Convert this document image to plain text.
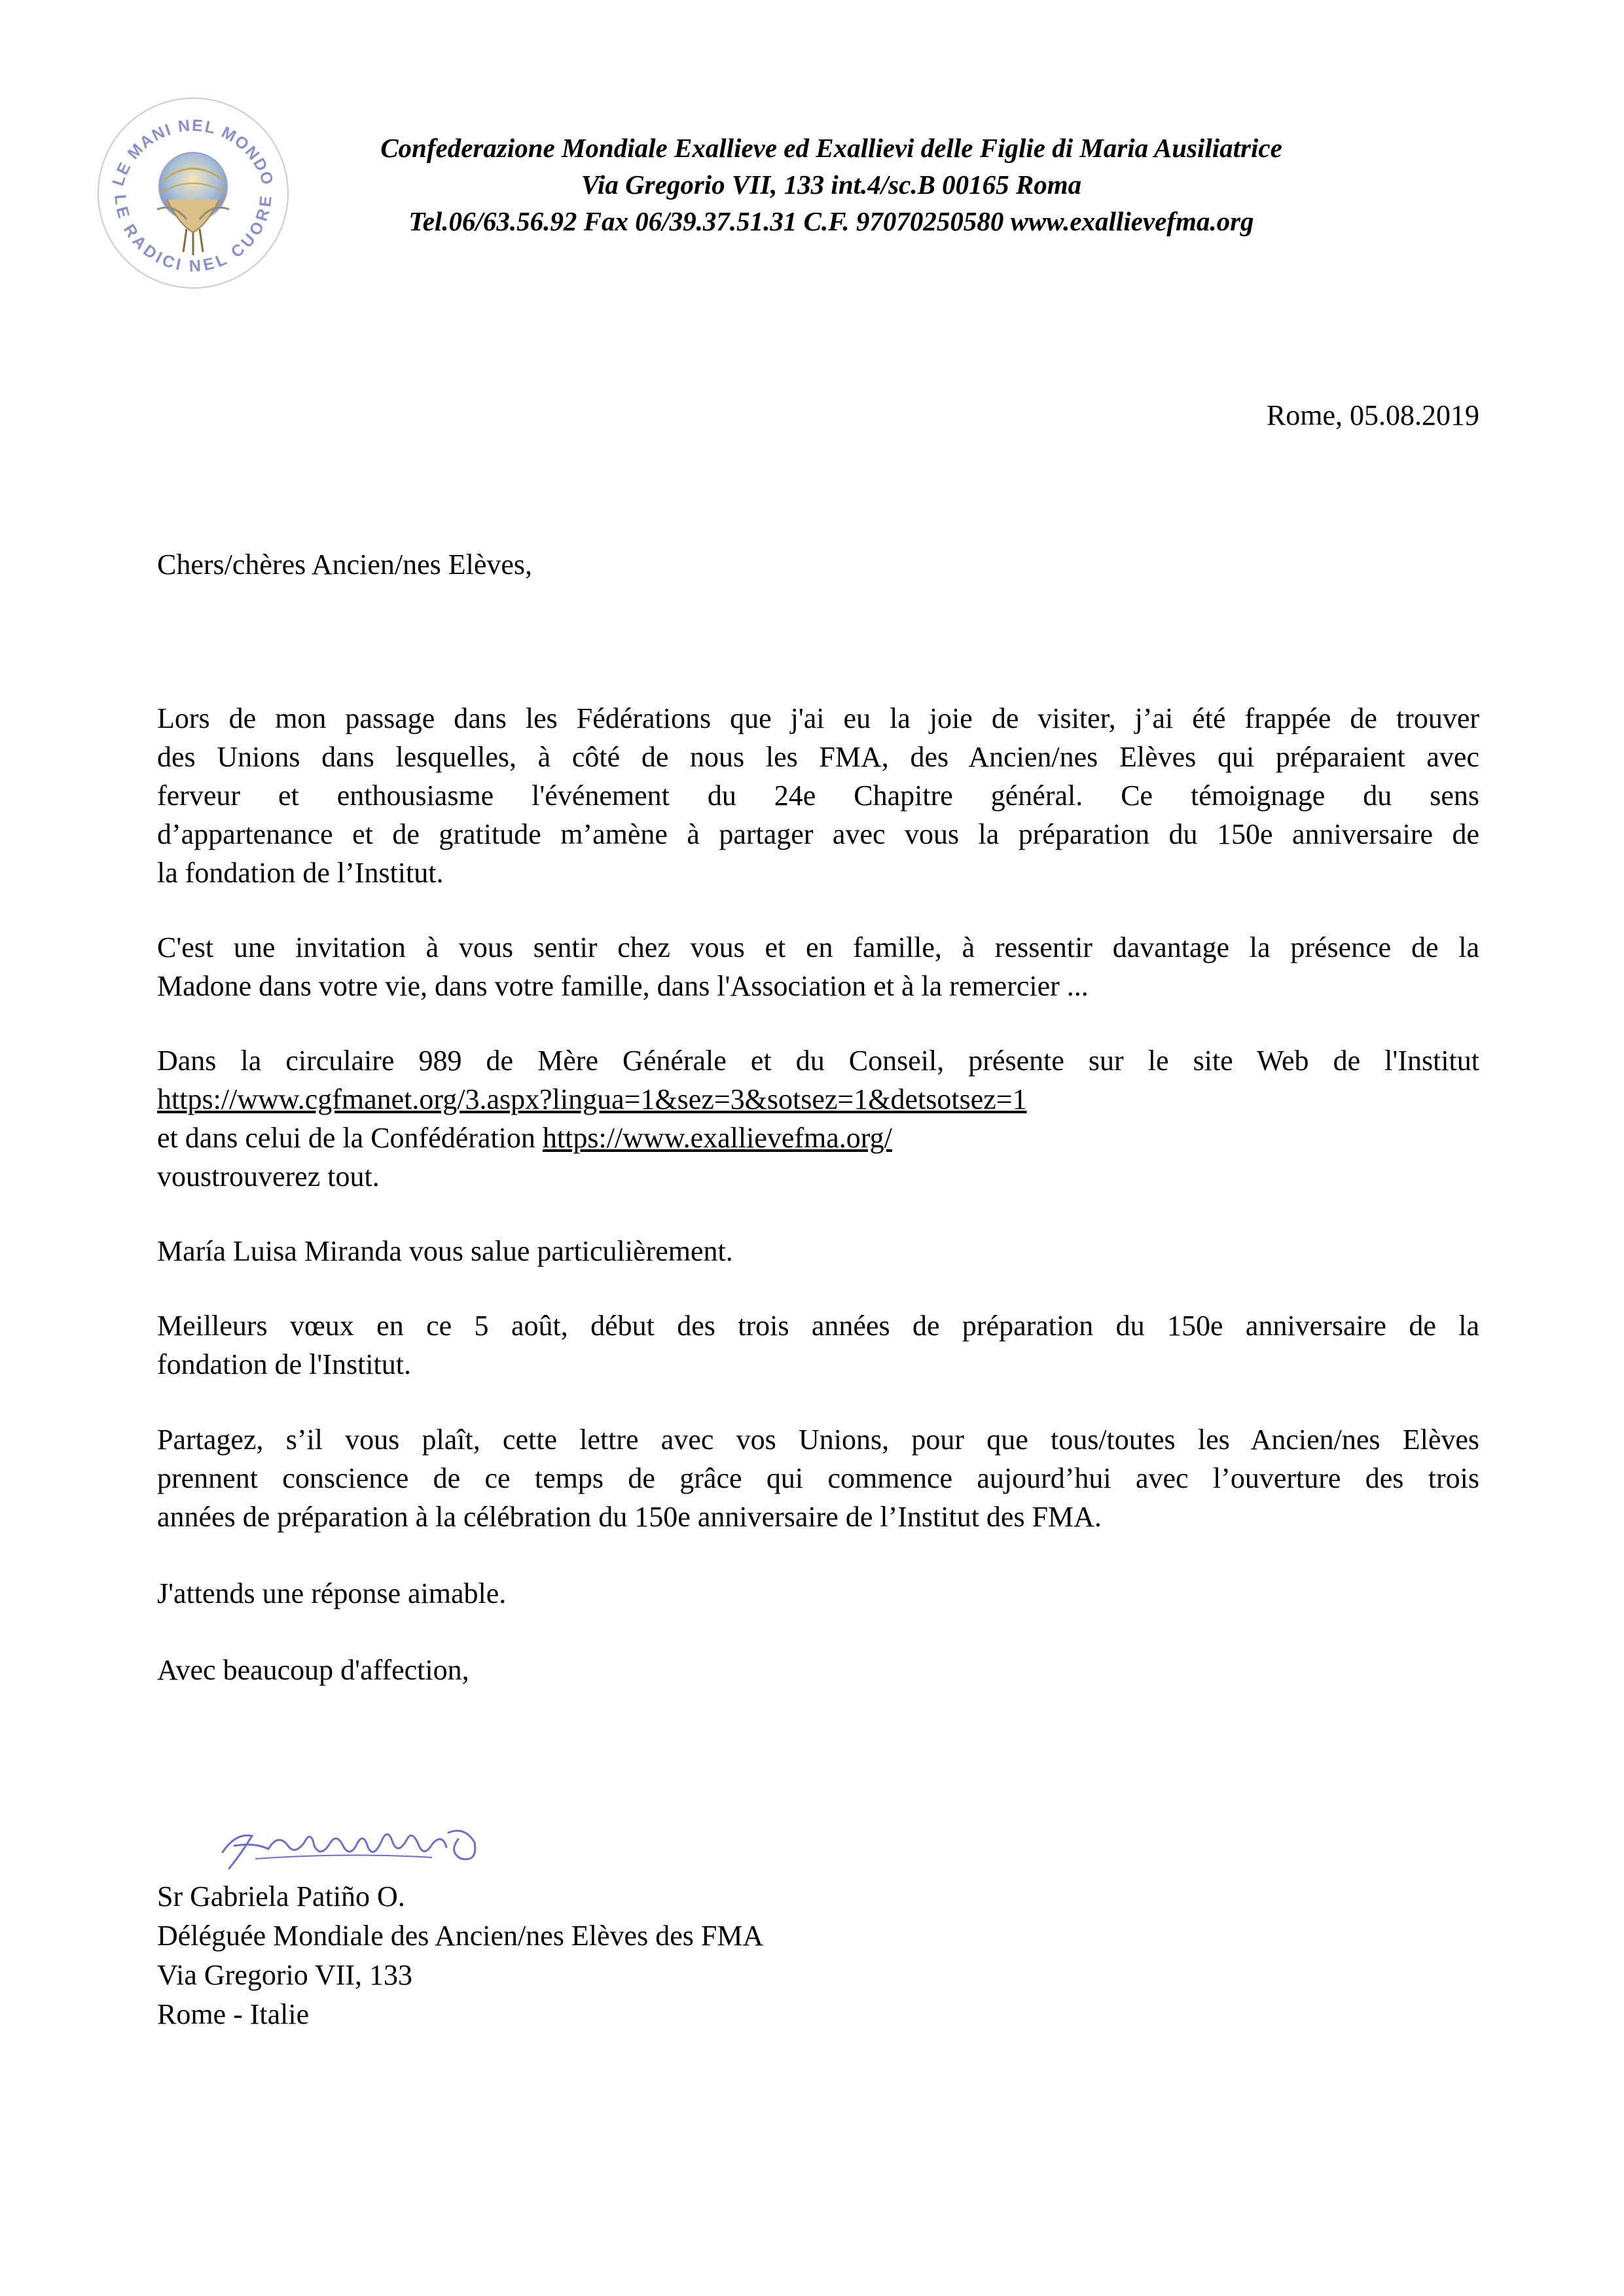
LE MANI NEL MONDO
LE RADICI NEL CUORE
Confederazione Mondiale Exallieve ed Exallievi delle Figlie di Maria Ausiliatrice
Via Gregorio VII, 133 int.4/sc.B 00165 Roma
Tel.06/63.56.92 Fax 06/39.37.51.31 C.F. 97070250580 www.exallievefma.org
Rome, 05.08.2019
Chers/chères Ancien/nes Elèves,
Lors de mon passage dans les Fédérations que j'ai eu la joie de visiter, j’ai été frappée de trouver
des Unions dans lesquelles, à côté de nous les FMA, des Ancien/nes Elèves qui préparaient avec
ferveur et enthousiasme l'événement du 24e Chapitre général. Ce témoignage du sens
d’appartenance et de gratitude m’amène à partager avec vous la préparation du 150e anniversaire de
la fondation de l’Institut.
C'est une invitation à vous sentir chez vous et en famille, à ressentir davantage la présence de la
Madone dans votre vie, dans votre famille, dans l'Association et à la remercier ...
Dans la circulaire 989 de Mère Générale et du Conseil, présente sur le site Web de l'Institut
https://www.cgfmanet.org/3.aspx?lingua=1&sez=3&sotsez=1&detsotsez=1
et dans celui de la Confédération https://www.exallievefma.org/
voustrouverez tout.
María Luisa Miranda vous salue particulièrement.
Meilleurs vœux en ce 5 août, début des trois années de préparation du 150e anniversaire de la
fondation de l'Institut.
Partagez, s’il vous plaît, cette lettre avec vos Unions, pour que tous/toutes les Ancien/nes Elèves
prennent conscience de ce temps de grâce qui commence aujourd’hui avec l’ouverture des trois
années de préparation à la célébration du 150e anniversaire de l’Institut des FMA.
J'attends une réponse aimable.
Avec beaucoup d'affection,
Sr Gabriela Patiño O.
Déléguée Mondiale des Ancien/nes Elèves des FMA
Via Gregorio VII, 133
Rome - Italie
